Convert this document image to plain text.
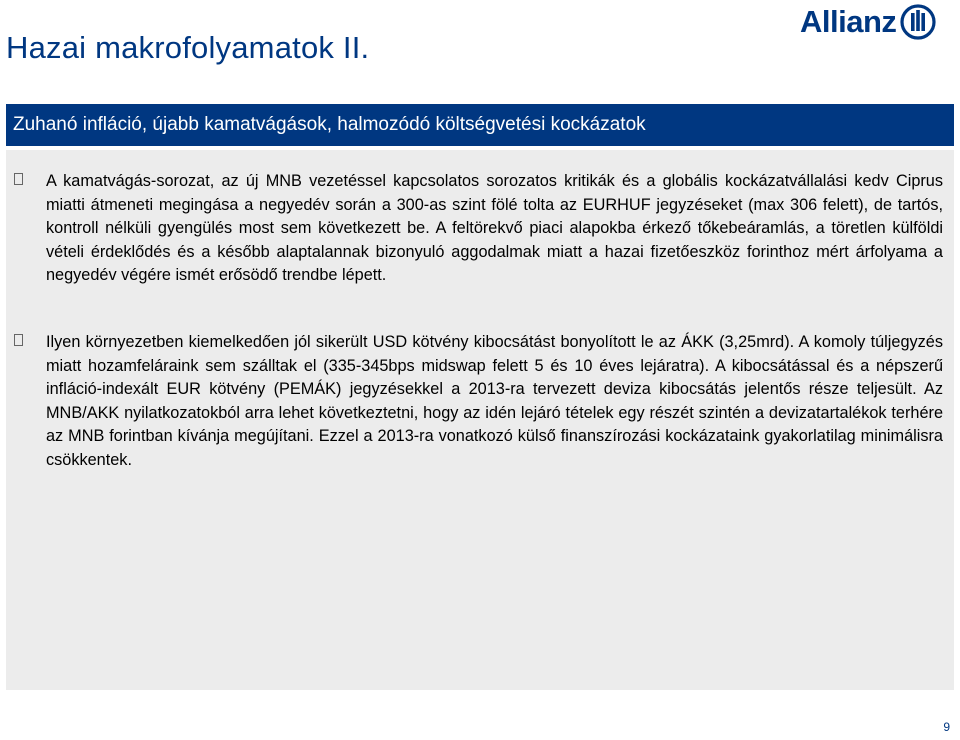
Hazai makrofolyamatok II.
Allianz
Zuhanó infláció, újabb kamatvágások, halmozódó költségvetési kockázatok
A kamatvágás-sorozat, az új MNB vezetéssel kapcsolatos sorozatos kritikák és a globális kockázatvállalási kedv Ciprus miatti átmeneti megingása a negyedév során a 300-as szint fölé tolta az EURHUF jegyzéseket (max 306 felett), de tartós, kontroll nélküli gyengülés most sem következett be. A feltörekvő piaci alapokba érkező tőkebeáramlás, a töretlen külföldi vételi érdeklődés és a később alaptalannak bizonyuló aggodalmak miatt a hazai fizetőeszköz forinthoz mért árfolyama a negyedév végére ismét erősödő trendbe lépett.
Ilyen környezetben kiemelkedően jól sikerült USD kötvény kibocsátást bonyolított le az ÁKK (3,25mrd). A komoly túljegyzés miatt hozamfeláraink sem szálltak el (335-345bps midswap felett 5 és 10 éves lejáratra). A kibocsátással és a népszerű infláció-indexált EUR kötvény (PEMÁK) jegyzésekkel a 2013-ra tervezett deviza kibocsátás jelentős része teljesült. Az MNB/AKK nyilatkozatokból arra lehet következtetni, hogy az idén lejáró tételek egy részét szintén a devizatartalékok terhére az MNB forintban kívánja megújítani. Ezzel a 2013-ra vonatkozó külső finanszírozási kockázataink gyakorlatilag minimálisra csökkentek.
9
